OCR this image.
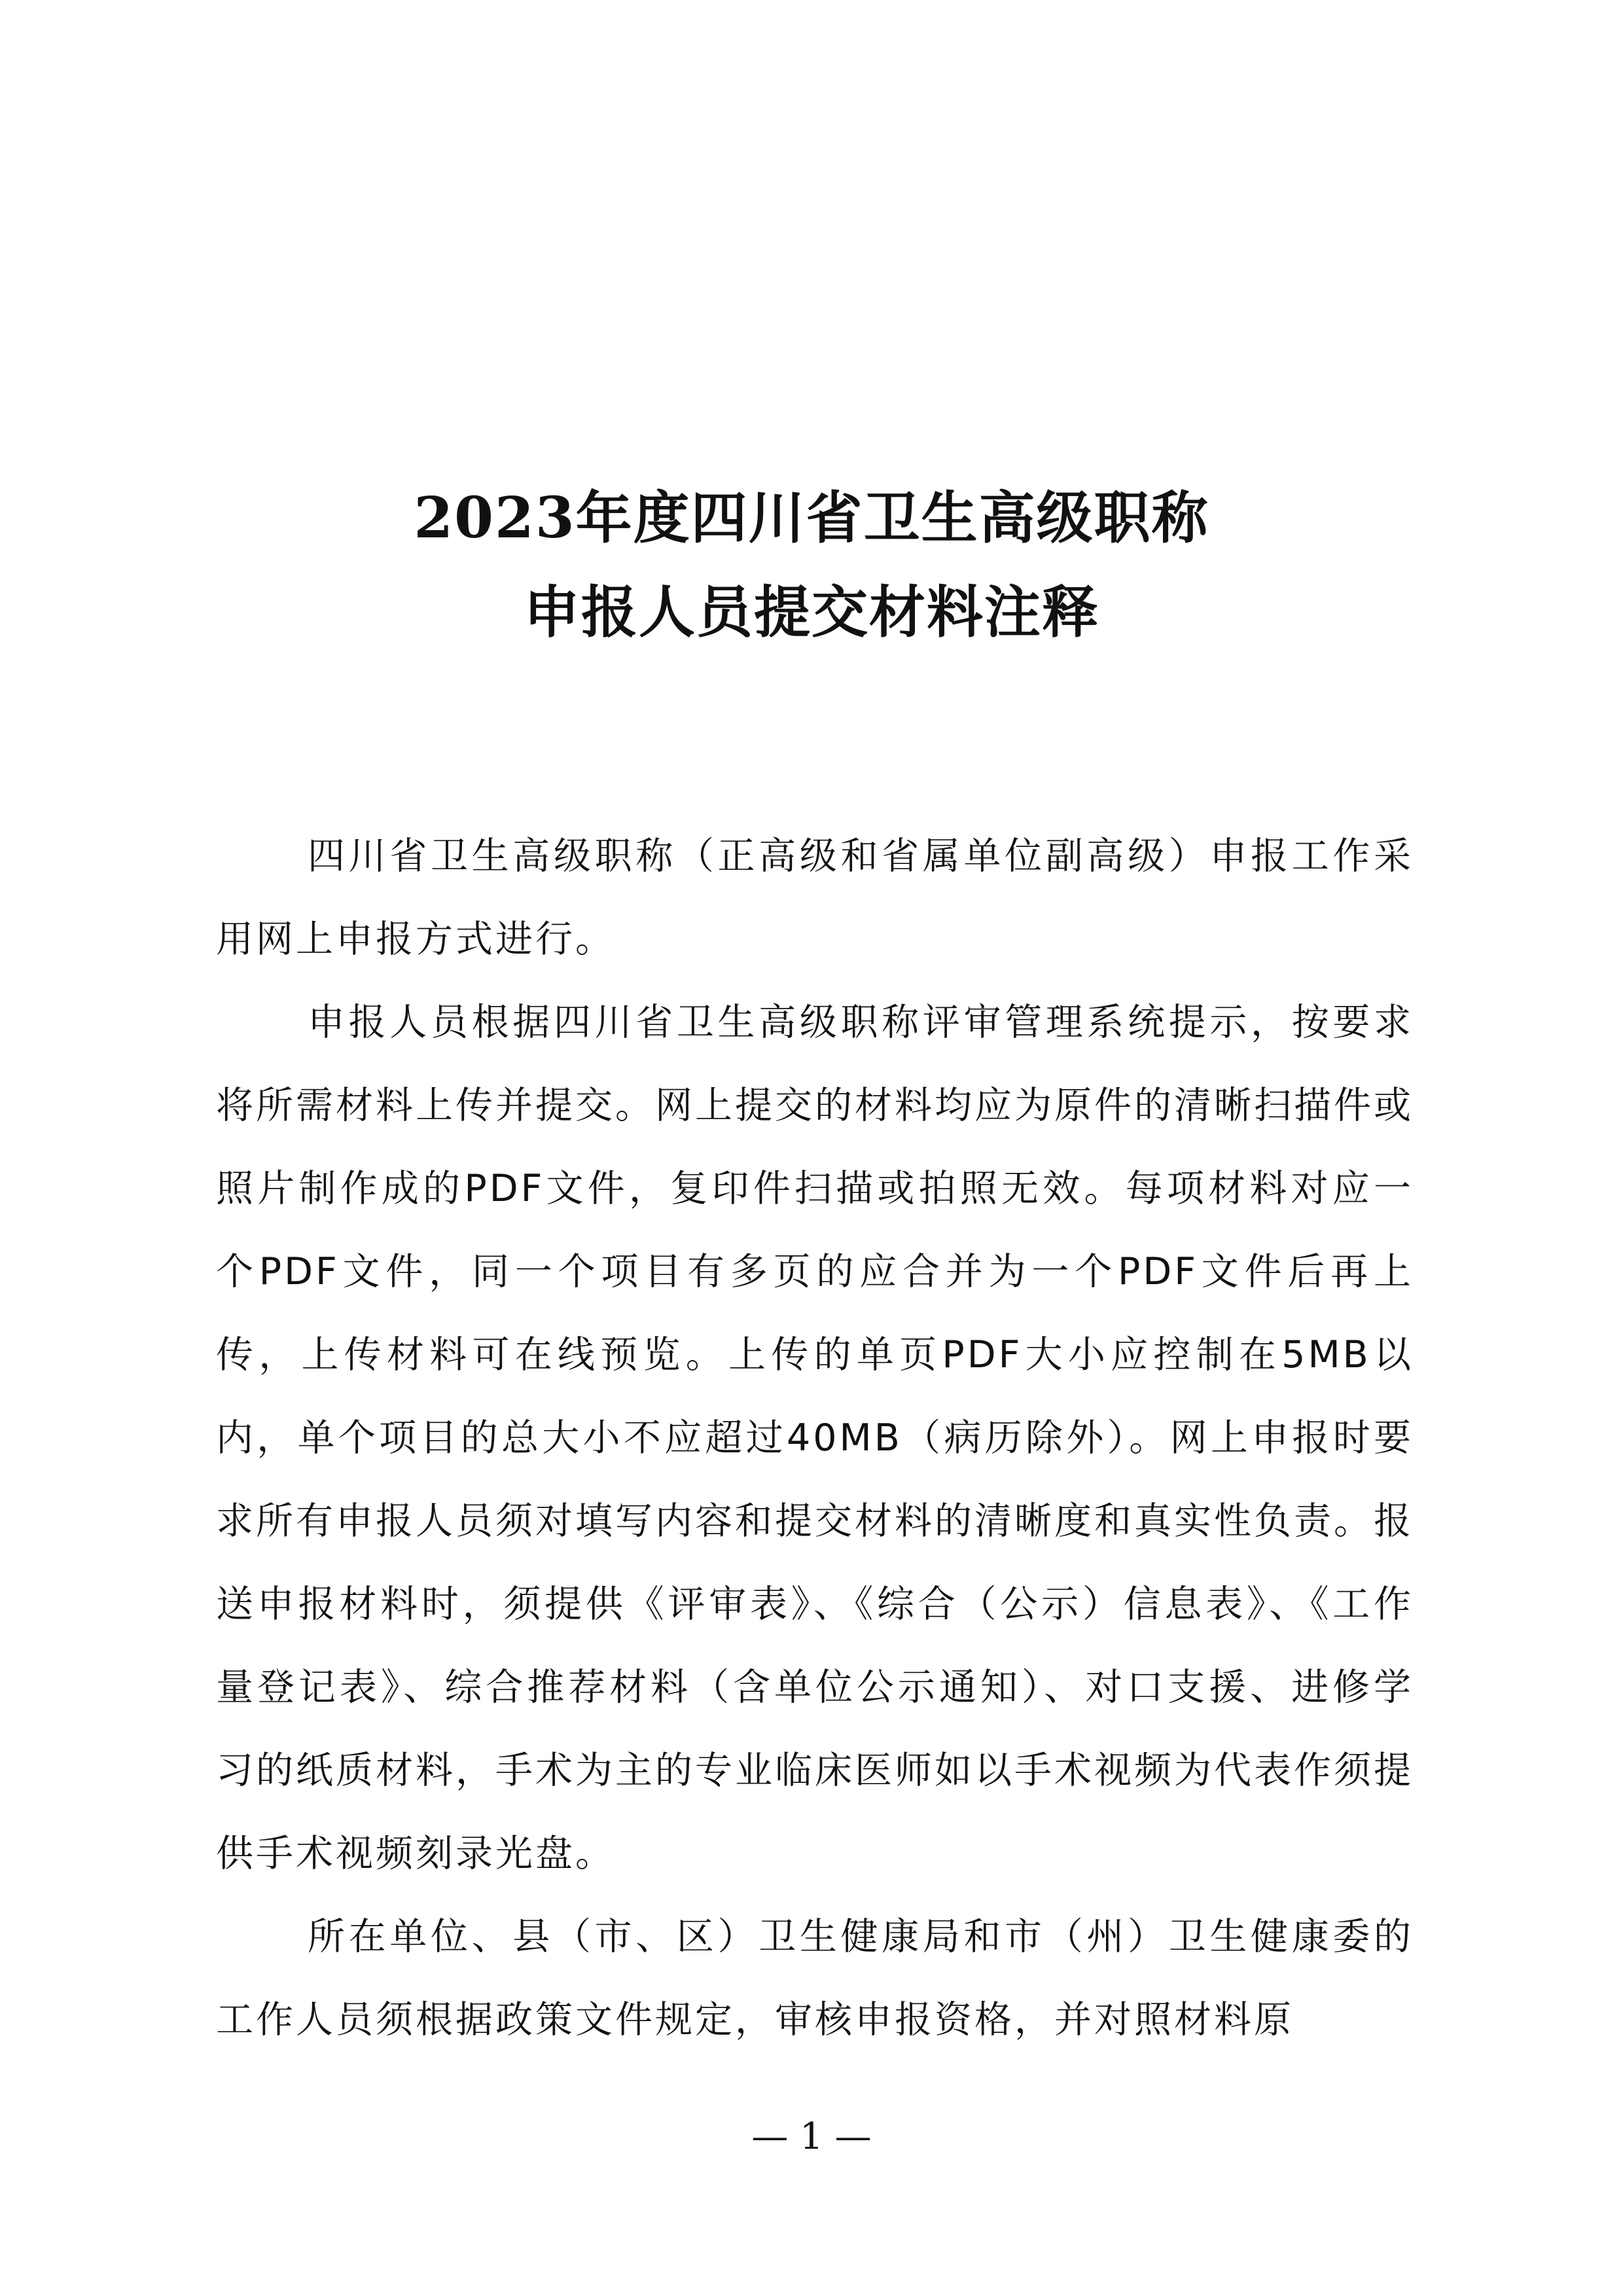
2023年度四川省卫生高级职称
申报人员提交材料注释

四川省卫生高级职称（正高级和省属单位副高级）申报工作采用网上申报方式进行。

申报人员根据四川省卫生高级职称评审管理系统提示，按要求将所需材料上传并提交。网上提交的材料均应为原件的清晰扫描件或照片制作成的PDF文件，复印件扫描或拍照无效。每项材料对应一个PDF文件，同一个项目有多页的应合并为一个PDF文件后再上传，上传材料可在线预览。上传的单页PDF大小应控制在5MB以内，单个项目的总大小不应超过40MB（病历除外）。网上申报时要求所有申报人员须对填写内容和提交材料的清晰度和真实性负责。报送申报材料时，须提供《评审表》、《综合（公示）信息表》、《工作量登记表》、综合推荐材料（含单位公示通知）、对口支援、进修学习的纸质材料，手术为主的专业临床医师如以手术视频为代表作须提供手术视频刻录光盘。

所在单位、县（市、区）卫生健康局和市（州）卫生健康委的工作人员须根据政策文件规定，审核申报资格，并对照材料原

— 1 —
